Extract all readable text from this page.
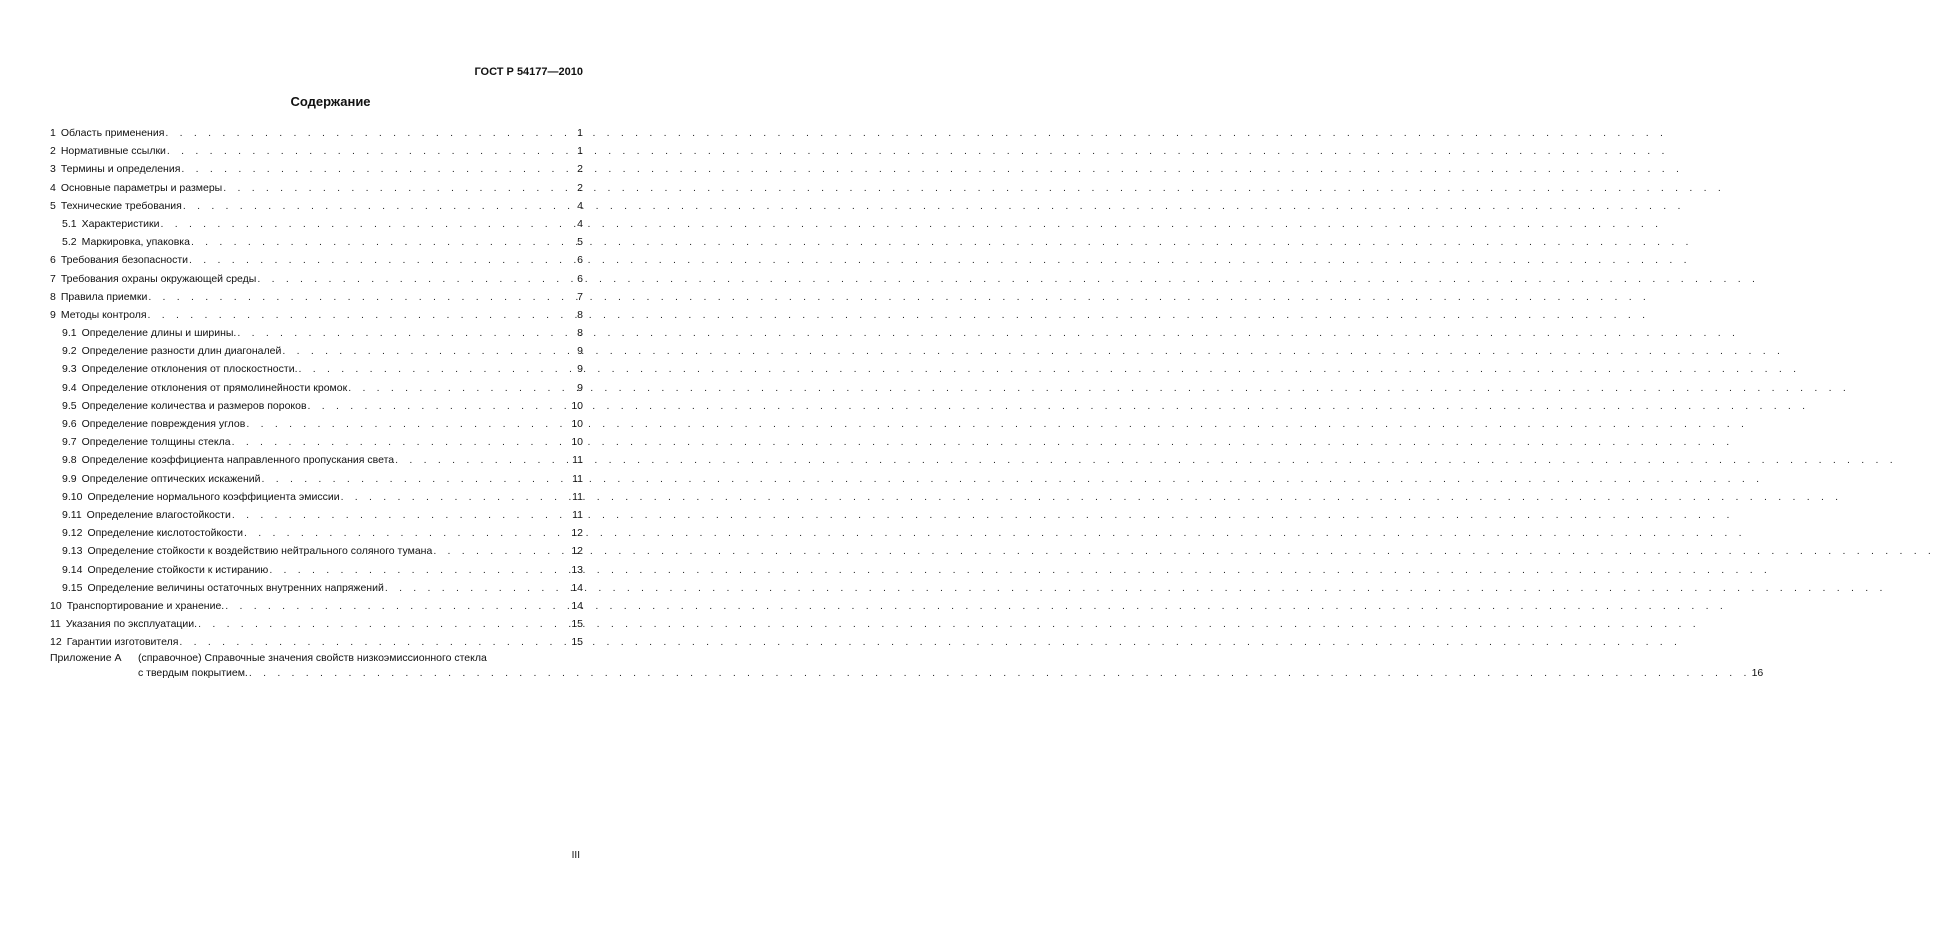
ГОСТ Р 54177—2010
Содержание
1 Область применения . . .	1
2 Нормативные ссылки . . .	1
3 Термины и определения . . .	2
4 Основные параметры и размеры . . .	2
5 Технические требования . . .	4
5.1 Характеристики . . .	4
5.2 Маркировка, упаковка . . .	5
6 Требования безопасности . . .	6
7 Требования охраны окружающей среды . . .	6
8 Правила приемки . . .	7
9 Методы контроля . . .	8
9.1 Определение длины и ширины. . . .	8
9.2 Определение разности длин диагоналей . . .	9
9.3 Определение отклонения от плоскостности. . . .	9
9.4 Определение отклонения от прямолинейности кромок . . .	9
9.5 Определение количества и размеров пороков . . .	10
9.6 Определение повреждения углов . . .	10
9.7 Определение толщины стекла . . .	10
9.8 Определение коэффициента направленного пропускания света . . .	11
9.9 Определение оптических искажений . . .	11
9.10 Определение нормального коэффициента эмиссии . . .	11
9.11 Определение влагостойкости . . .	11
9.12 Определение кислотостойкости . . .	12
9.13 Определение стойкости к воздействию нейтрального соляного тумана . . .	12
9.14 Определение стойкости к истиранию . . .	13
9.15 Определение величины остаточных внутренних напряжений . . .	14
10 Транспортирование и хранение. . . .	14
11 Указания по эксплуатации. . . .	15
12 Гарантии изготовителя . . .	15
Приложение А	(справочное) Справочные значения свойств низкоэмиссионного стекла
с твердым покрытием. . . .	16
III
